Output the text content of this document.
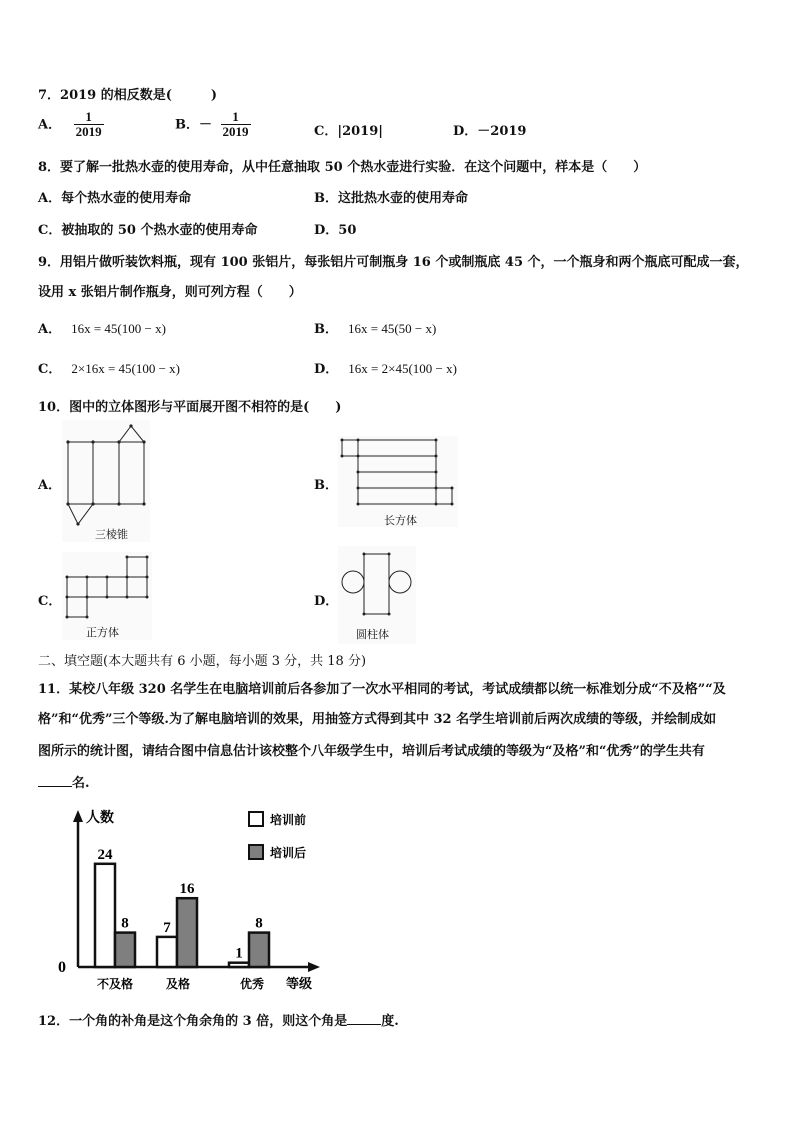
7．2019 的相反数是(　　　)
A． $\frac{1}{2019}$	B．－ $\frac{1}{2019}$	C．|2019|	D．－2019
8．要了解一批热水壶的使用寿命，从中任意抽取 50 个热水壶进行实验．在这个问题中，样本是（　　）
A．每个热水壶的使用寿命	B．这批热水壶的使用寿命
C．被抽取的 50 个热水壶的使用寿命	D．50
9．用铝片做听装饮料瓶，现有 100 张铝片，每张铝片可制瓶身 16 个或制瓶底 45 个，一个瓶身和两个瓶底可配成一套，
设用 x 张铝片制作瓶身，则可列方程（　　）
A． 16x = 45(100 − x)	B． 16x = 45(50 − x)
C． 2×16x = 45(100 − x)	D． 16x = 2×45(100 − x)
10．图中的立体图形与平面展开图不相符的是(　　)
A．
三棱锥
B．
长方体
C．
正方体
D．
圆柱体
二、填空题(本大题共有 6 小题，每小题 3 分，共 18 分)
11．某校八年级 320 名学生在电脑培训前后各参加了一次水平相同的考试，考试成绩都以统一标准划分成“不及格”“及
格”和“优秀”三个等级.为了解电脑培训的效果，用抽签方式得到其中 32 名学生培训前后两次成绩的等级，并绘制成如
图所示的统计图，请结合图中信息估计该校整个八年级学生中，培训后考试成绩的等级为“及格”和“优秀”的学生共有
名.
人数
0
等级
24
8
不及格
7
16
及格
1
8
优秀
培训前
培训后
12．一个角的补角是这个角余角的 3 倍，则这个角是	度.
